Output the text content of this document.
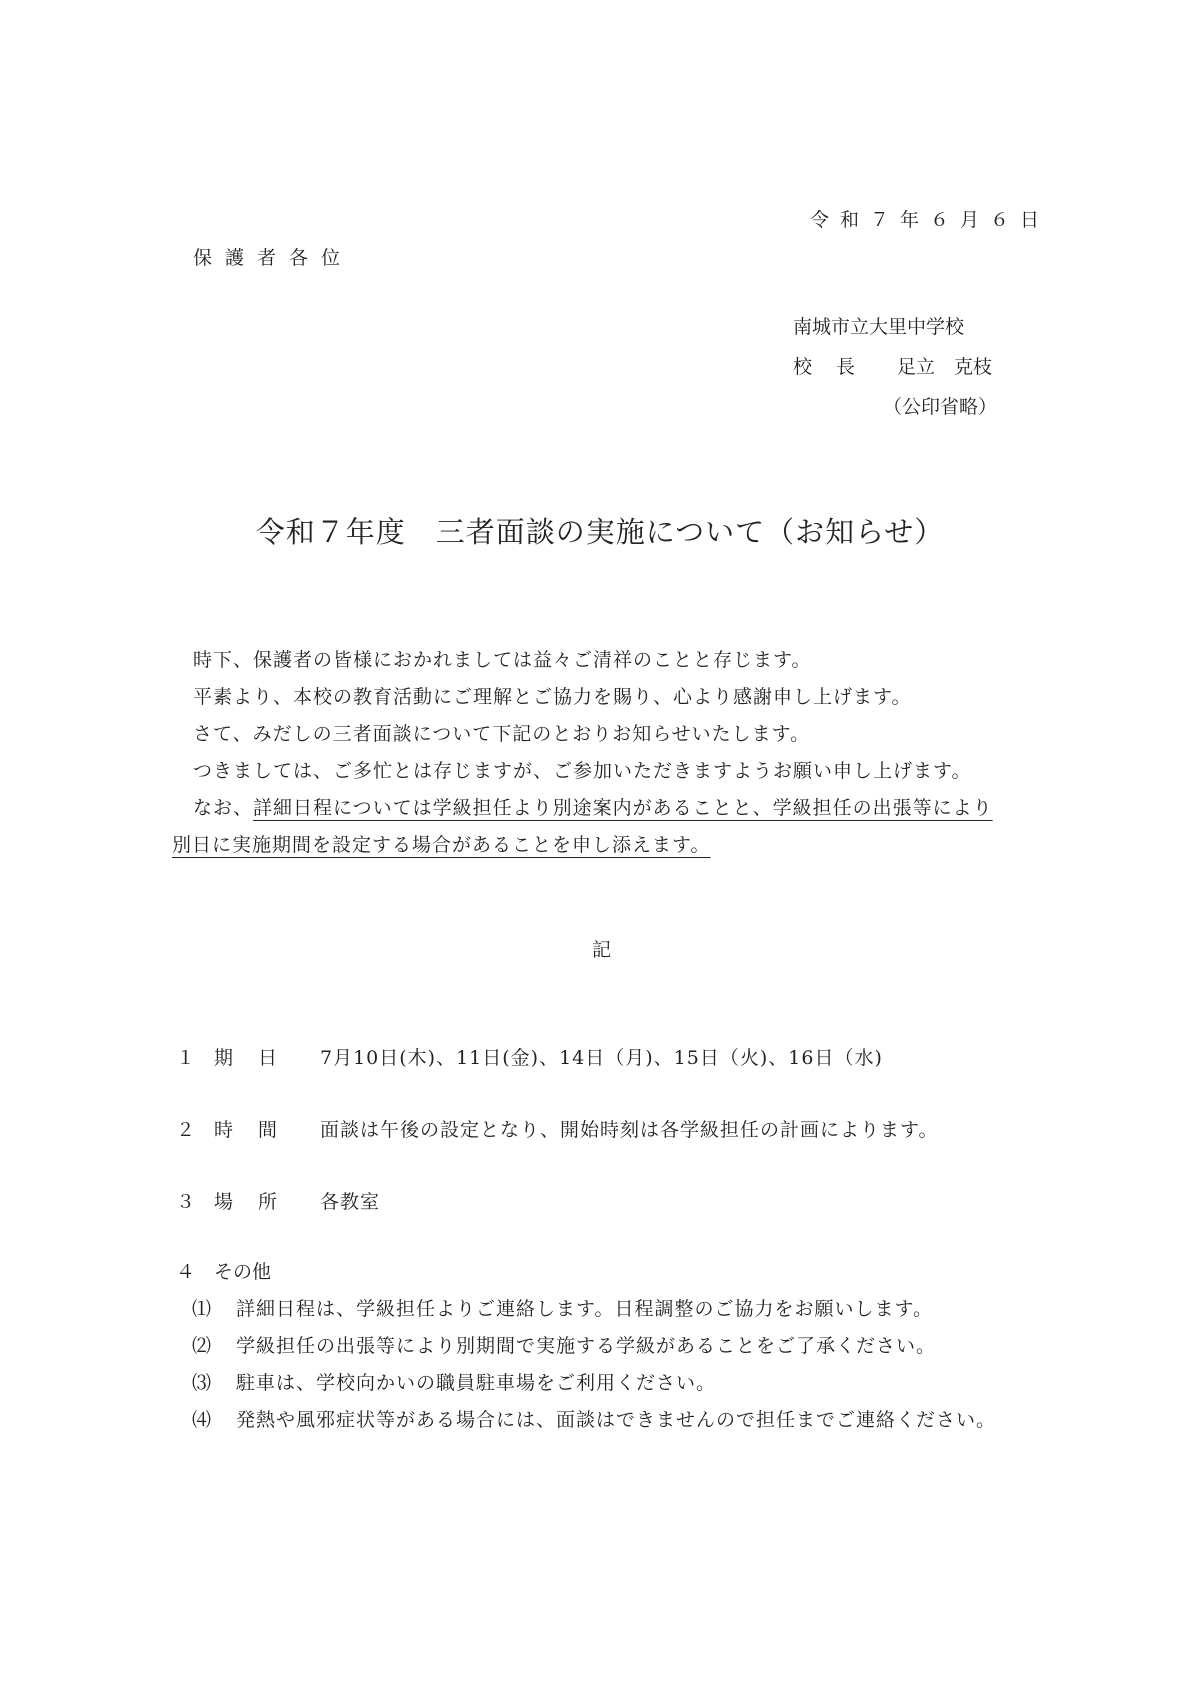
令和７年６月６日
保護者各位
南城市立大里中学校
校長 足立　克枝
（公印省略）
令和７年度　三者面談の実施について（お知らせ）
時下、保護者の皆様におかれましては益々ご清祥のことと存じます。
平素より、本校の教育活動にご理解とご協力を賜り、心より感謝申し上げます。
さて、みだしの三者面談について下記のとおりお知らせいたします。
つきましては、ご多忙とは存じますが、ご参加いただきますようお願い申し上げます。
なお、詳細日程については学級担任より別途案内があることと、学級担任の出張等により
別日に実施期間を設定する場合があることを申し添えます。
記
１ 期 日 7月10日(木)、11日(金)、14日（月)、15日（火)、16日（水)
２ 時 間 面談は午後の設定となり、開始時刻は各学級担任の計画によります。
３ 場 所 各教室
４ その他
⑴ 詳細日程は、学級担任よりご連絡します。日程調整のご協力をお願いします。
⑵ 学級担任の出張等により別期間で実施する学級があることをご了承ください。
⑶ 駐車は、学校向かいの職員駐車場をご利用ください。
⑷ 発熱や風邪症状等がある場合には、面談はできませんので担任までご連絡ください。
